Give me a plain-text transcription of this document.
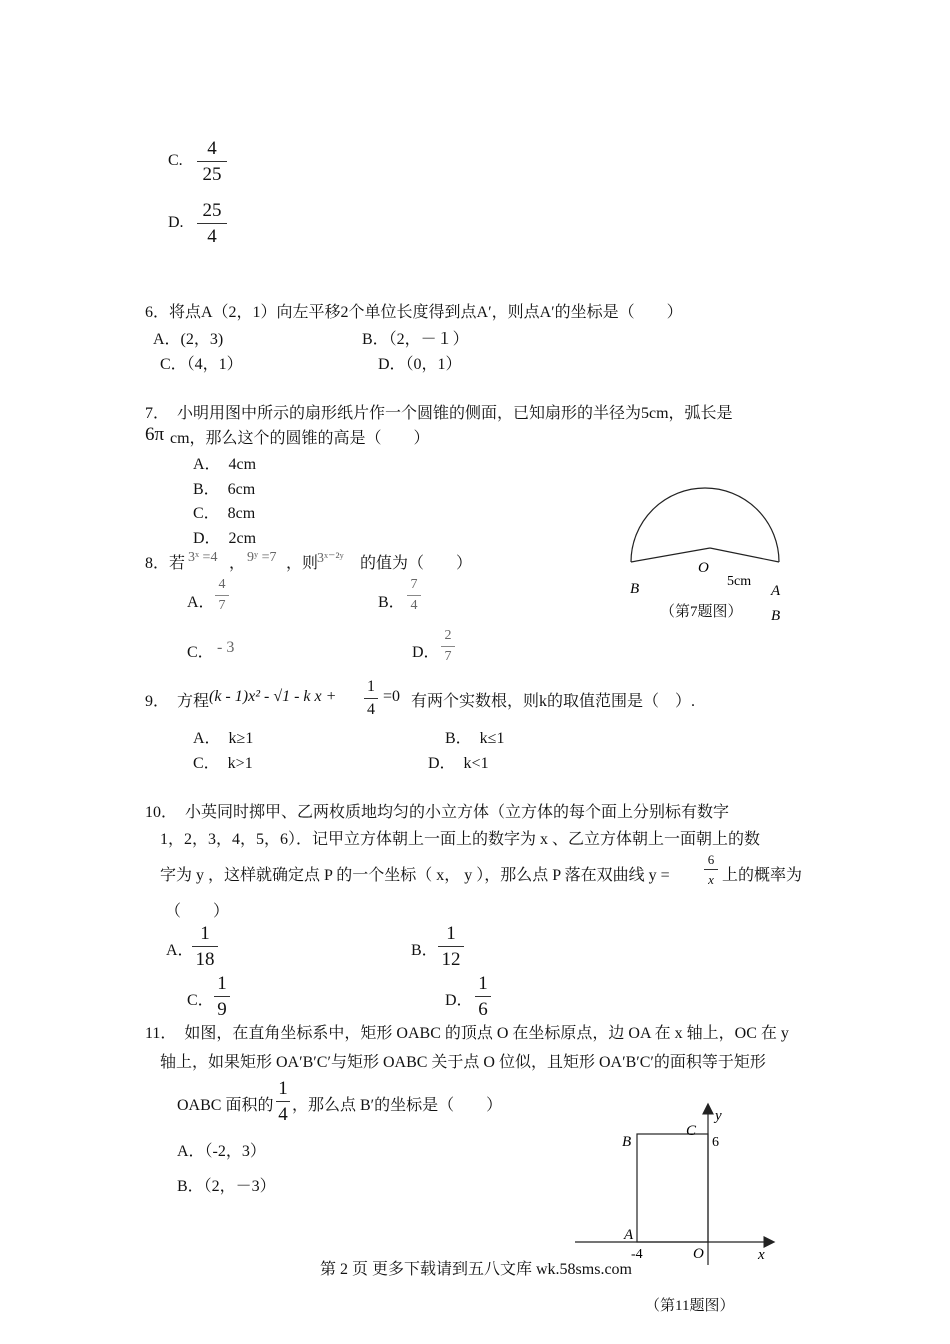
C.
4
25
D.
25
4
6．将点A（2，1）向左平移2个单位长度得到点A′，则点A′的坐标是（　　）
A．(2，3)	B．（2，－１）
C．（4，1）	D．（0，1）
7．　小明用图中所示的扇形纸片作一个圆锥的侧面，已知扇形的半径为5cm，弧长是
6π cm，那么这个的圆锥的高是（　　）
A．　4cm
B．　6cm
C．　8cm
D．　2cm
O
5cm
B	A
B
（第7题图）
8．若 3ˣ =4 ， 9ʸ =7 ，则
3ˣ⁻²ʸ 的值为（　　）
A．
4
7	B．
7
4
C． - 3	D．
2
7
9．　方程 (k - 1)x² - √1 - k x +
1
4
=0 有两个实数根，则k的取值范围是（　）.
A．　k≥1	B．　k≤1
C．　k>1	D．　k<1
10．　小英同时掷甲、乙两枚质地均匀的小立方体（立方体的每个面上分别标有数字
1，2，3，4，5，6）．记甲立方体朝上一面上的数字为 x 、乙立方体朝上一面朝上的数
字为 y ，这样就确定点 P 的一个坐标（ x， y ），那么点 P 落在双曲线 y =
6
x 上的概率为
（　　）
A．
1
18	B．
1
12
C．
1
9	D．
1
6
11．　如图，在直角坐标系中，矩形 OABC 的顶点 O 在坐标原点，边 OA 在 x 轴上，OC 在 y
轴上，如果矩形 OA′B′C′与矩形 OABC 关于点 O 位似，且矩形 OA′B′C′的面积等于矩形
OABC 面积的
1
4 ，那么点 B′的坐标是（　　）
A．（-2，3）
B．（2，－3）
y
C
6
B
A
-4	O	x
第 2 页 更多下载请到五八文库 wk.58sms.com
（第11题图）
